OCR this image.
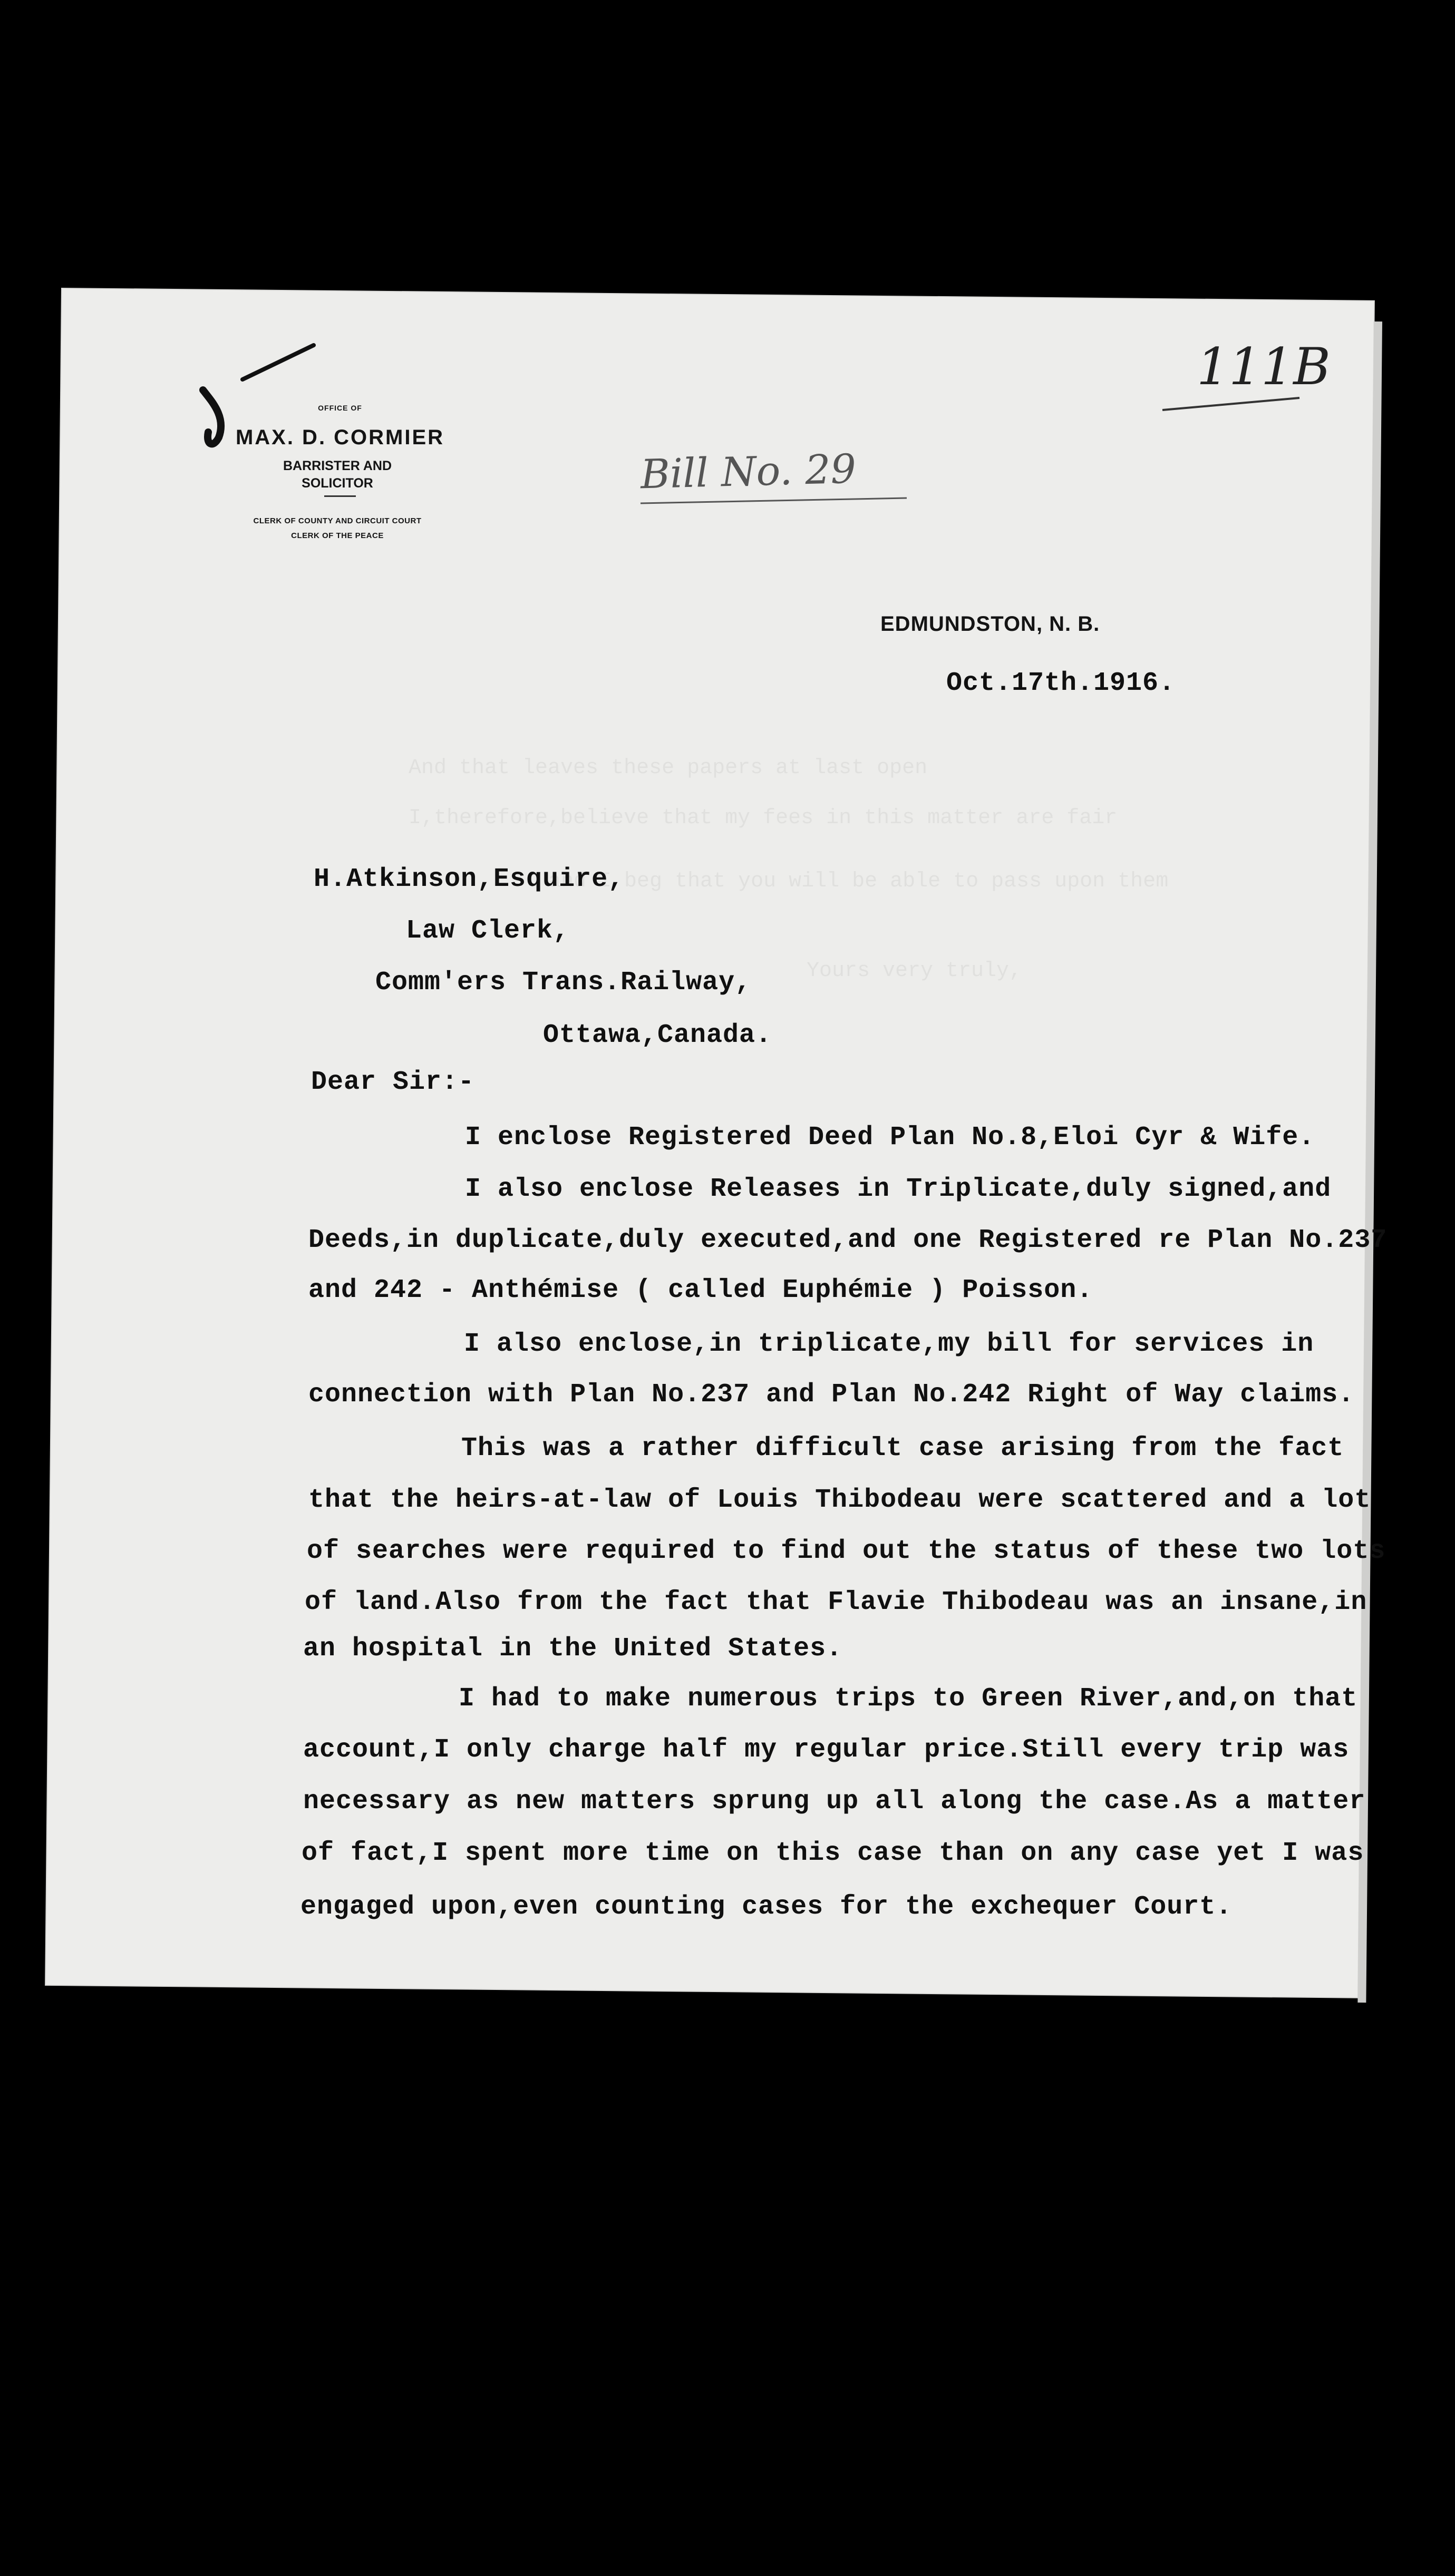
And that leaves these papers at last open
I,therefore,believe that my fees in this matter are fair
and I beg that you will be able to pass upon them
Yours very truly,
OFFICE OF
MAX. D. CORMIER
BARRISTER AND
SOLICITOR
CLERK OF COUNTY AND CIRCUIT COURT
CLERK OF THE PEACE
111B
Bill No. 29
EDMUNDSTON, N. B.
Oct.17th.1916.
H.Atkinson,Esquire,
Law Clerk,
Comm'ers Trans.Railway,
Ottawa,Canada.
Dear Sir:-
I enclose Registered Deed Plan No.8,Eloi Cyr & Wife.
I also enclose Releases in Triplicate,duly signed,and
Deeds,in duplicate,duly executed,and one Registered re Plan No.237
and 242 - Anthémise ( called Euphémie ) Poisson.
I also enclose,in triplicate,my bill for services in
connection with Plan No.237 and Plan No.242 Right of Way claims.
This was a rather difficult case arising from the fact
that the heirs-at-law of Louis Thibodeau were scattered and a lot
of searches were required to find out the status of these two lots
of land.Also from the fact that Flavie Thibodeau was an insane,in
an hospital in the United States.
I had to make numerous trips to Green River,and,on that
account,I only charge half my regular price.Still every trip was
necessary as new matters sprung up all along the case.As a matter
of fact,I spent more time on this case than on any case yet I was
engaged upon,even counting cases for the exchequer Court.
